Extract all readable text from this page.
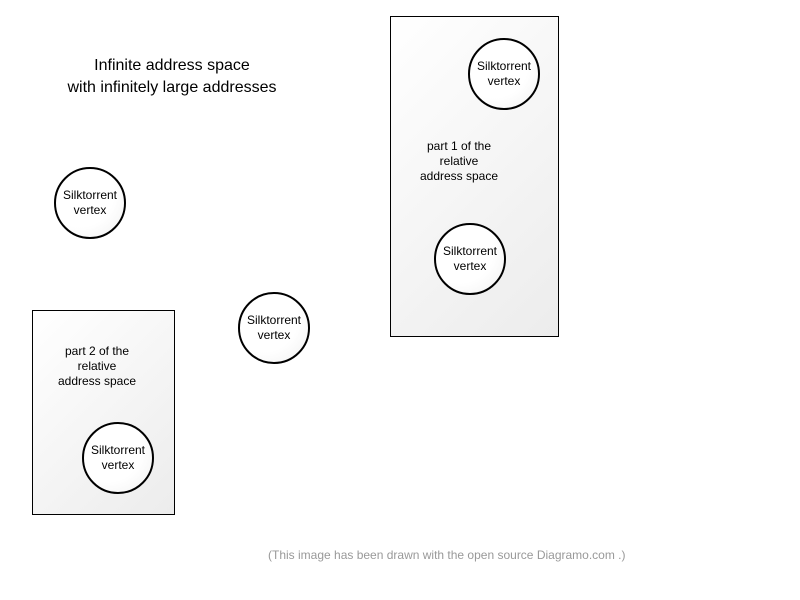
Infinite address space
with infinitely large addresses
part 1 of the
relative
address space
part 2 of the
relative
address space
Silktorrent
vertex
Silktorrent
vertex
Silktorrent
vertex
Silktorrent
vertex
Silktorrent
vertex
(This image has been drawn with the open source Diagramo.com .)
